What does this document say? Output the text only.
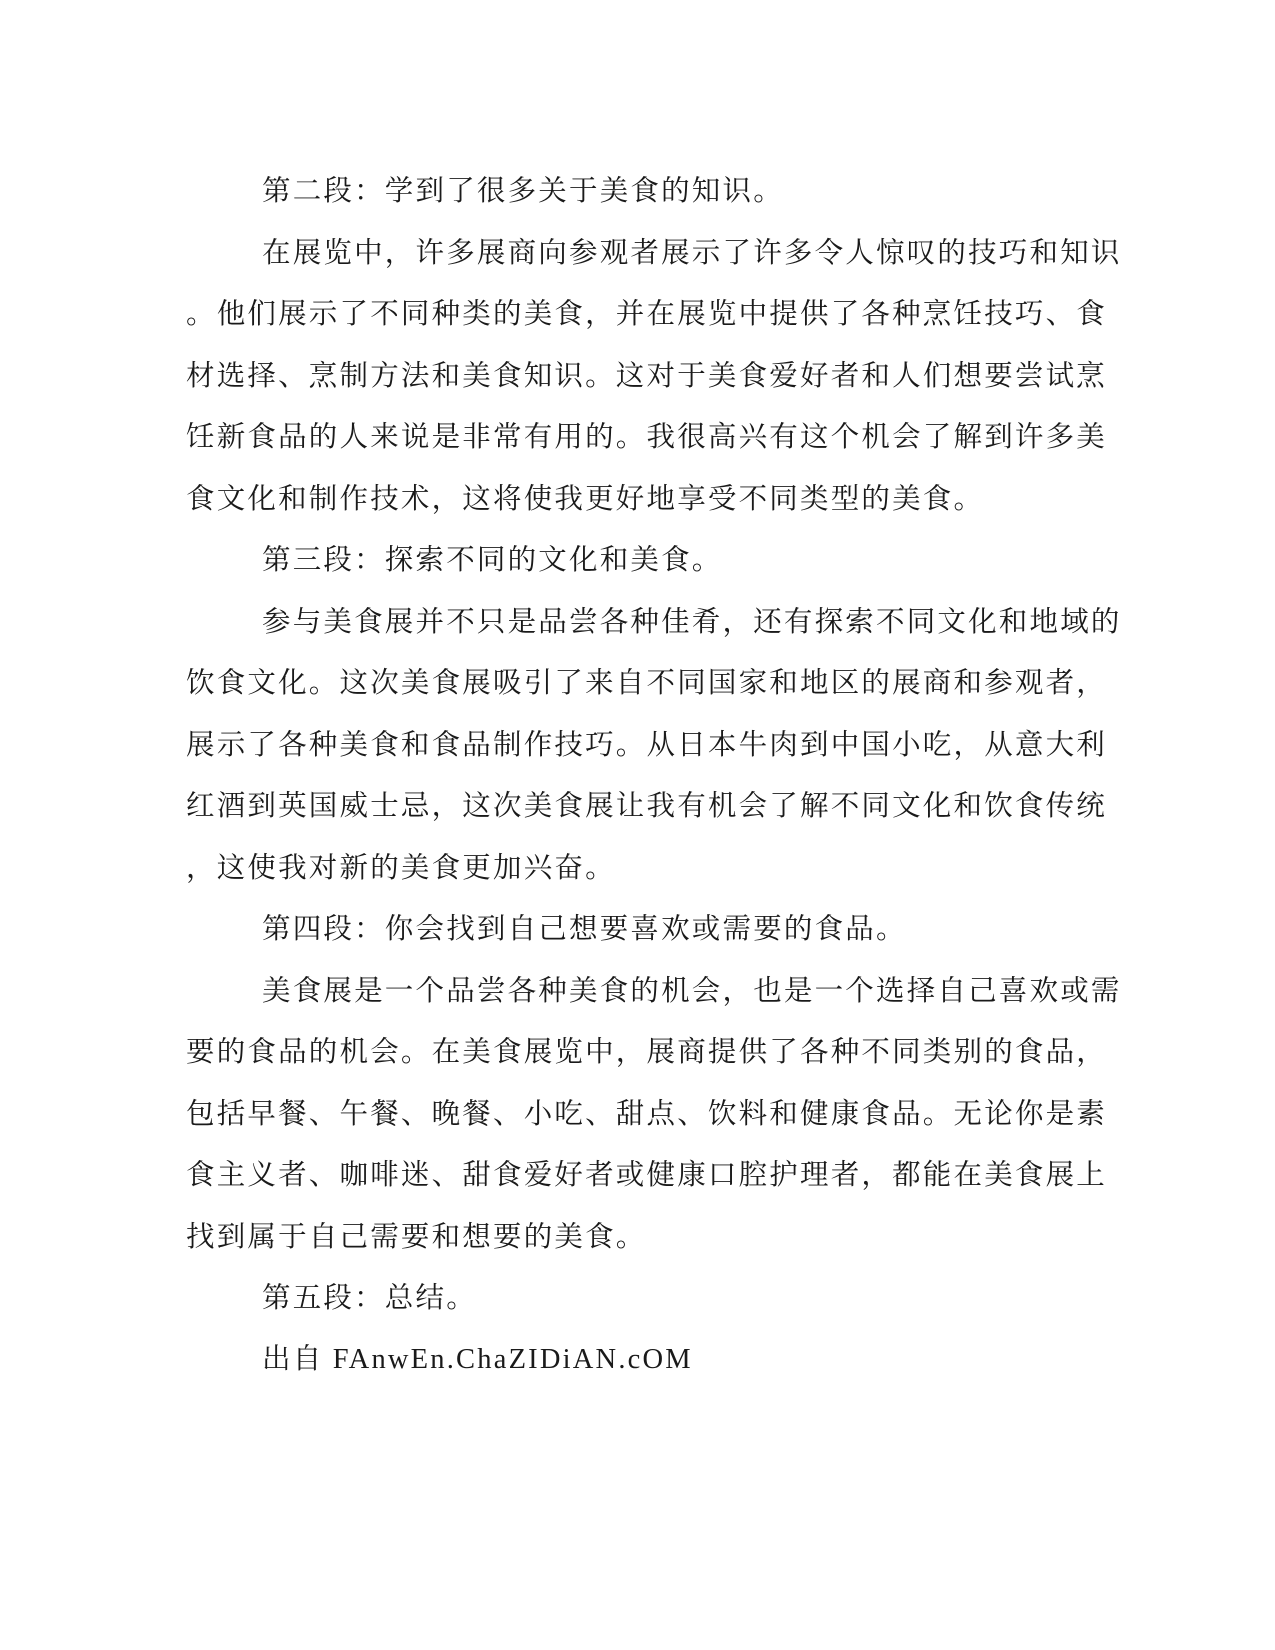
第二段：学到了很多关于美食的知识。
在展览中，许多展商向参观者展示了许多令人惊叹的技巧和知识
。他们展示了不同种类的美食，并在展览中提供了各种烹饪技巧、食
材选择、烹制方法和美食知识。这对于美食爱好者和人们想要尝试烹
饪新食品的人来说是非常有用的。我很高兴有这个机会了解到许多美
食文化和制作技术，这将使我更好地享受不同类型的美食。
第三段：探索不同的文化和美食。
参与美食展并不只是品尝各种佳肴，还有探索不同文化和地域的
饮食文化。这次美食展吸引了来自不同国家和地区的展商和参观者，
展示了各种美食和食品制作技巧。从日本牛肉到中国小吃，从意大利
红酒到英国威士忌，这次美食展让我有机会了解不同文化和饮食传统
，这使我对新的美食更加兴奋。
第四段：你会找到自己想要喜欢或需要的食品。
美食展是一个品尝各种美食的机会，也是一个选择自己喜欢或需
要的食品的机会。在美食展览中，展商提供了各种不同类别的食品，
包括早餐、午餐、晚餐、小吃、甜点、饮料和健康食品。无论你是素
食主义者、咖啡迷、甜食爱好者或健康口腔护理者，都能在美食展上
找到属于自己需要和想要的美食。
第五段：总结。
出自 FAnwEn.ChaZIDiAN.cOM
